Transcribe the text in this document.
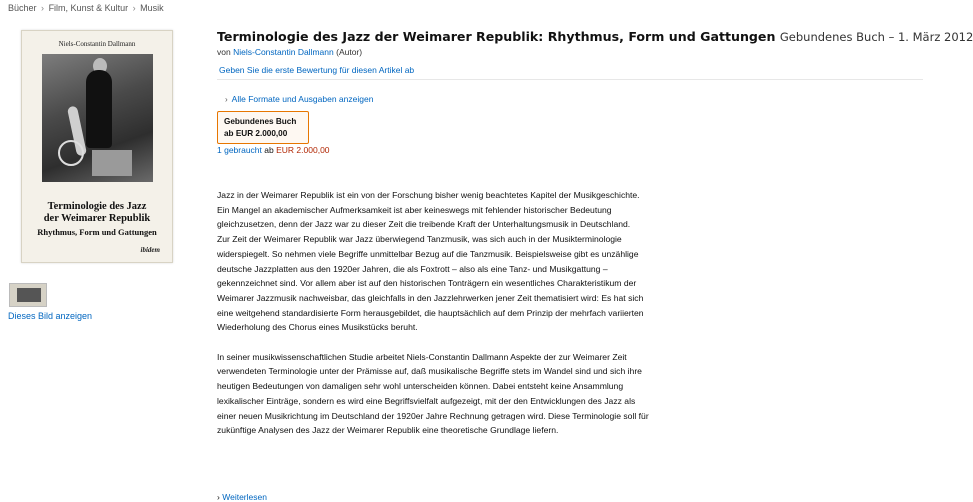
Bücher › Film, Kunst & Kultur › Musik
Niels-Constantin Dallmann
Terminologie des Jazz
der Weimarer Republik
Rhythmus, Form und Gattungen
ibidem
Dieses Bild anzeigen
Terminologie des Jazz der Weimarer Republik: Rhythmus, Form und Gattungen Gebundenes Buch – 1. März 2012
von Niels-Constantin Dallmann (Autor)
Geben Sie die erste Bewertung für diesen Artikel ab
› Alle Formate und Ausgaben anzeigen
Gebundenes Buch
ab EUR 2.000,00
1 gebraucht ab EUR 2.000,00

Jazz in der Weimarer Republik ist ein von der Forschung bisher wenig beachtetes Kapitel der Musikgeschichte. Ein Mangel an akademischer Aufmerksamkeit ist aber keineswegs mit fehlender historischer Bedeutung gleichzusetzen, denn der Jazz war zu dieser Zeit die treibende Kraft der Unterhaltungsmusik in Deutschland.

Zur Zeit der Weimarer Republik war Jazz überwiegend Tanzmusik, was sich auch in der Musikterminologie widerspiegelt. So nehmen viele Begriffe unmittelbar Bezug auf die Tanzmusik. Beispielsweise gibt es unzählige deutsche Jazzplatten aus den 1920er Jahren, die als Foxtrott – also als eine Tanz- und Musikgattung – gekennzeichnet sind. Vor allem aber ist auf den historischen Tonträgern ein wesentliches Charakteristikum der Weimarer Jazzmusik nachweisbar, das gleichfalls in den Jazzlehrwerken jener Zeit thematisiert wird: Es hat sich eine weitgehend standardisierte Form herausgebildet, die hauptsächlich auf dem Prinzip der mehrfach variierten Wiederholung des Chorus eines Musikstücks beruht.

In seiner musikwissenschaftlichen Studie arbeitet Niels-Constantin Dallmann Aspekte der zur Weimarer Zeit verwendeten Terminologie unter der Prämisse auf, daß musikalische Begriffe stets im Wandel sind und sich ihre heutigen Bedeutungen von damaligen sehr wohl unterscheiden können. Dabei entsteht keine Ansammlung lexikalischer Einträge, sondern es wird eine Begriffsvielfalt aufgezeigt, mit der den Entwicklungen des Jazz als einer neuen Musikrichtung im Deutschland der 1920er Jahre Rechnung getragen wird. Diese Terminologie soll für zukünftige Analysen des Jazz der Weimarer Republik eine theoretische Grundlage liefern.

› Weiterlesen
